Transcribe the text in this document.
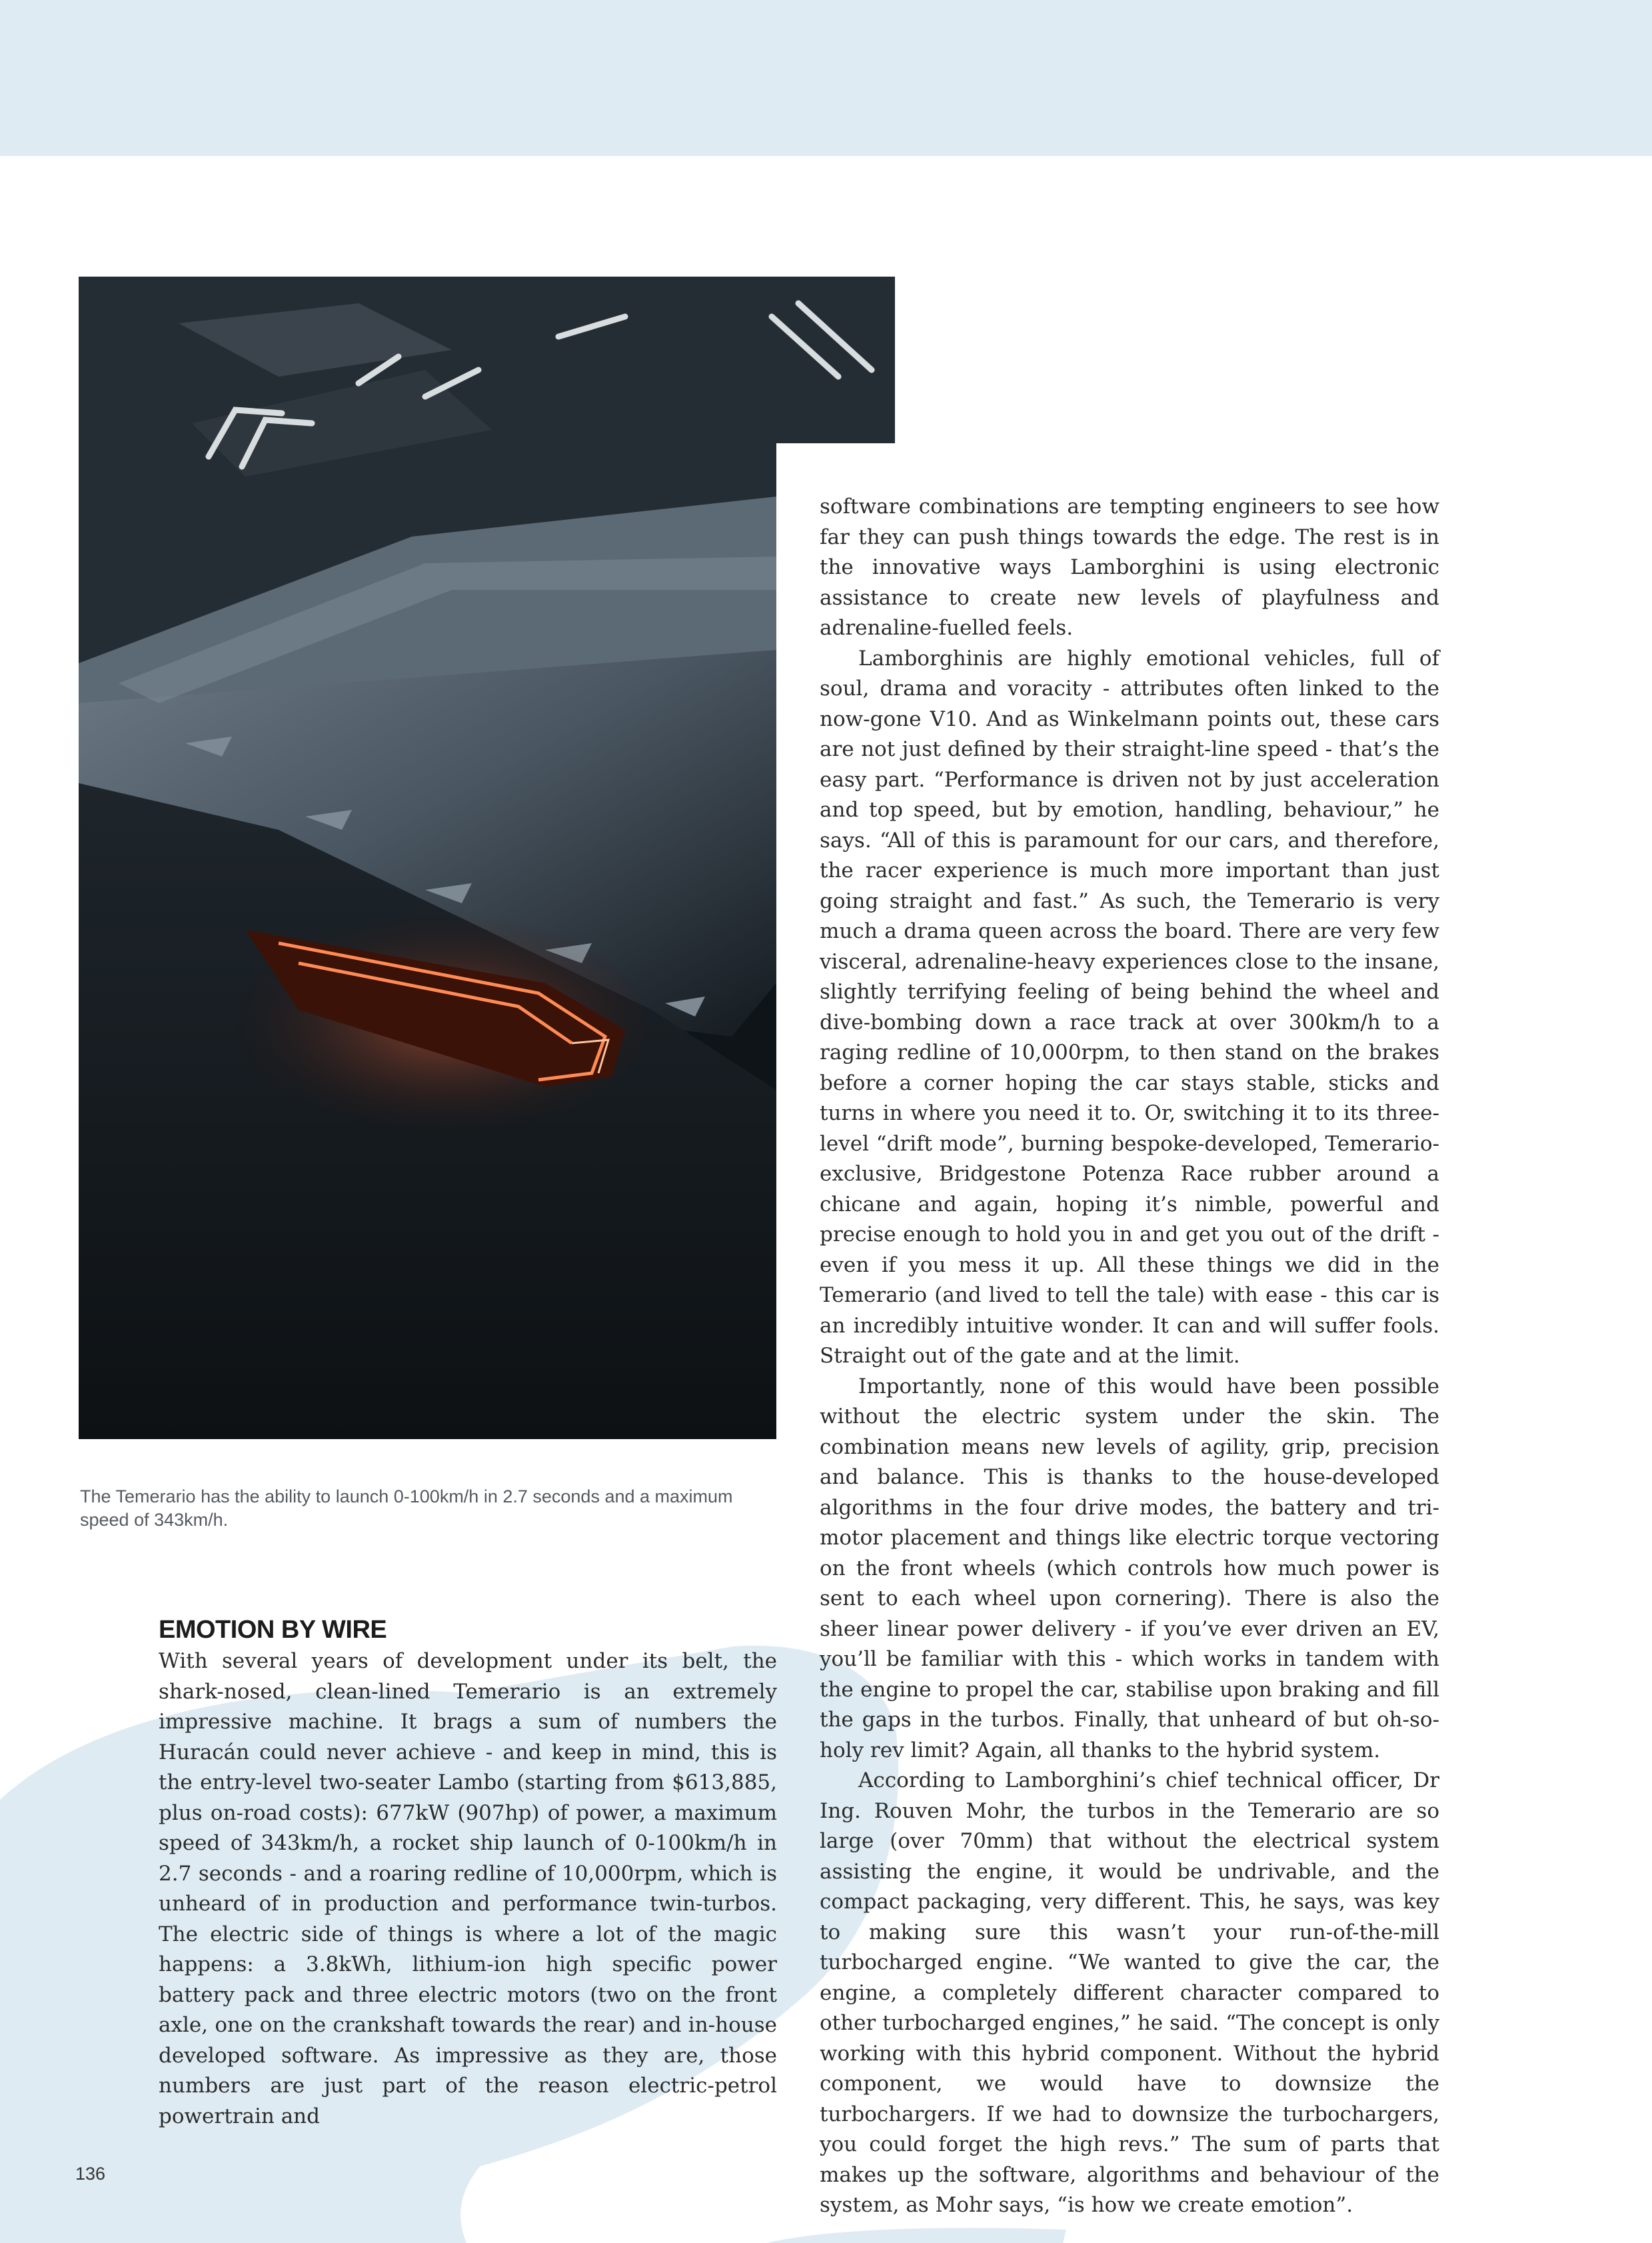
The Temerario has the ability to launch 0-100km/h in 2.7 seconds and a maximum speed of 343km/h.
EMOTION BY WIRE

With several years of development under its belt, the shark-nosed, clean-lined Temerario is an extremely impressive machine. It brags a sum of numbers the Huracán could never achieve - and keep in mind, this is the entry-level two-seater Lambo (starting from $613,885, plus on-road costs): 677kW (907hp) of power, a maximum speed of 343km/h, a rocket ship launch of 0-100km/h in 2.7 seconds - and a roaring redline of 10,000rpm, which is unheard of in production and performance twin-turbos. The electric side of things is where a lot of the magic happens: a 3.8kWh, lithium-ion high specific power battery pack and three electric motors (two on the front axle, one on the crankshaft towards the rear) and in-house developed software. As impressive as they are, those numbers are just part of the reason electric-petrol powertrain and

software combinations are tempting engineers to see how far they can push things towards the edge. The rest is in the innovative ways Lamborghini is using electronic assistance to create new levels of playfulness and adrenaline-fuelled feels.

Lamborghinis are highly emotional vehicles, full of soul, drama and voracity - attributes often linked to the now-gone V10. And as Winkelmann points out, these cars are not just defined by their straight-line speed - that’s the easy part. “Performance is driven not by just acceleration and top speed, but by emotion, handling, behaviour,” he says. “All of this is paramount for our cars, and therefore, the racer experience is much more important than just going straight and fast.” As such, the Temerario is very much a drama queen across the board. There are very few visceral, adrenaline-heavy experiences close to the insane, slightly terrifying feeling of being behind the wheel and dive-bombing down a race track at over 300km/h to a raging redline of 10,000rpm, to then stand on the brakes before a corner hoping the car stays stable, sticks and turns in where you need it to. Or, switching it to its three-level “drift mode”, burning bespoke-developed, Temerario-exclusive, Bridgestone Potenza Race rubber around a chicane and again, hoping it’s nimble, powerful and precise enough to hold you in and get you out of the drift - even if you mess it up. All these things we did in the Temerario (and lived to tell the tale) with ease - this car is an incredibly intuitive wonder. It can and will suffer fools. Straight out of the gate and at the limit.

Importantly, none of this would have been possible without the electric system under the skin. The combination means new levels of agility, grip, precision and balance. This is thanks to the house-developed algorithms in the four drive modes, the battery and tri-motor placement and things like electric torque vectoring on the front wheels (which controls how much power is sent to each wheel upon cornering). There is also the sheer linear power delivery - if you’ve ever driven an EV, you’ll be familiar with this - which works in tandem with the engine to propel the car, stabilise upon braking and fill the gaps in the turbos. Finally, that unheard of but oh-so-holy rev limit? Again, all thanks to the hybrid system.

According to Lamborghini’s chief technical officer, Dr Ing. Rouven Mohr, the turbos in the Temerario are so large (over 70mm) that without the electrical system assisting the engine, it would be undrivable, and the compact packaging, very different. This, he says, was key to making sure this wasn’t your run-of-the-mill turbocharged engine. “We wanted to give the car, the engine, a completely different character compared to other turbocharged engines,” he said. “The concept is only working with this hybrid component. Without the hybrid component, we would have to downsize the turbochargers. If we had to downsize the turbochargers, you could forget the high revs.” The sum of parts that makes up the software, algorithms and behaviour of the system, as Mohr says, “is how we create emotion”.

136
